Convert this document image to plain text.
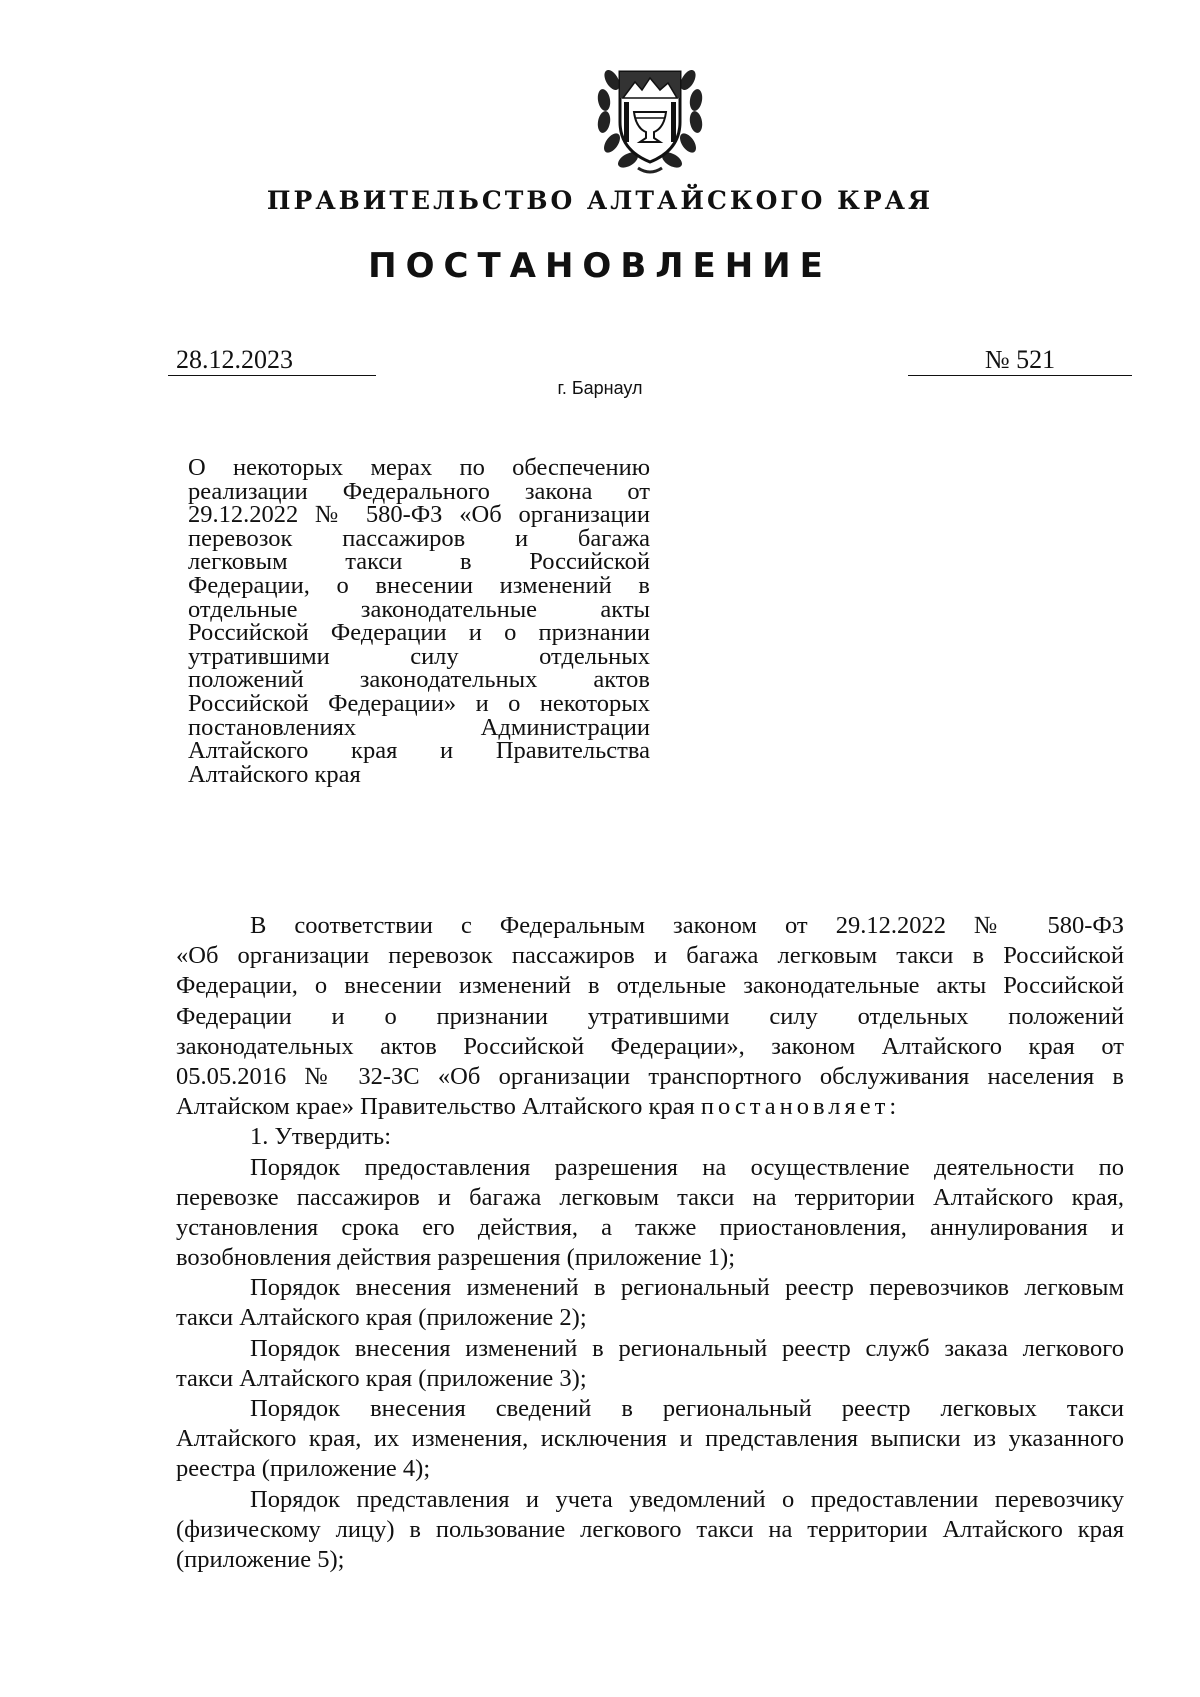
ПРАВИТЕЛЬСТВО АЛТАЙСКОГО КРАЯ
ПОСТАНОВЛЕНИЕ
28.12.2023	№ 521
г. Барнаул
О некоторых мерах по обеспечению
реализации Федерального закона от
29.12.2022 № 580-ФЗ «Об организации
перевозок пассажиров и багажа
легковым такси в Российской
Федерации, о внесении изменений в
отдельные законодательные акты
Российской Федерации и о признании
утратившими силу отдельных
положений законодательных актов
Российской Федерации» и о некоторых
постановлениях Администрации
Алтайского края и Правительства
Алтайского края
В соответствии с Федеральным законом от 29.12.2022 № 580-ФЗ
«Об организации перевозок пассажиров и багажа легковым такси в Российской
Федерации, о внесении изменений в отдельные законодательные акты Российской
Федерации и о признании утратившими силу отдельных положений
законодательных актов Российской Федерации», законом Алтайского края от
05.05.2016 № 32-ЗС «Об организации транспортного обслуживания населения в
Алтайском крае» Правительство Алтайского края постановляет:
1. Утвердить:
Порядок предоставления разрешения на осуществление деятельности по
перевозке пассажиров и багажа легковым такси на территории Алтайского края,
установления срока его действия, а также приостановления, аннулирования и
возобновления действия разрешения (приложение 1);
Порядок внесения изменений в региональный реестр перевозчиков легковым
такси Алтайского края (приложение 2);
Порядок внесения изменений в региональный реестр служб заказа легкового
такси Алтайского края (приложение 3);
Порядок внесения сведений в региональный реестр легковых такси
Алтайского края, их изменения, исключения и представления выписки из указанного
реестра (приложение 4);
Порядок представления и учета уведомлений о предоставлении перевозчику
(физическому лицу) в пользование легкового такси на территории Алтайского края
(приложение 5);
